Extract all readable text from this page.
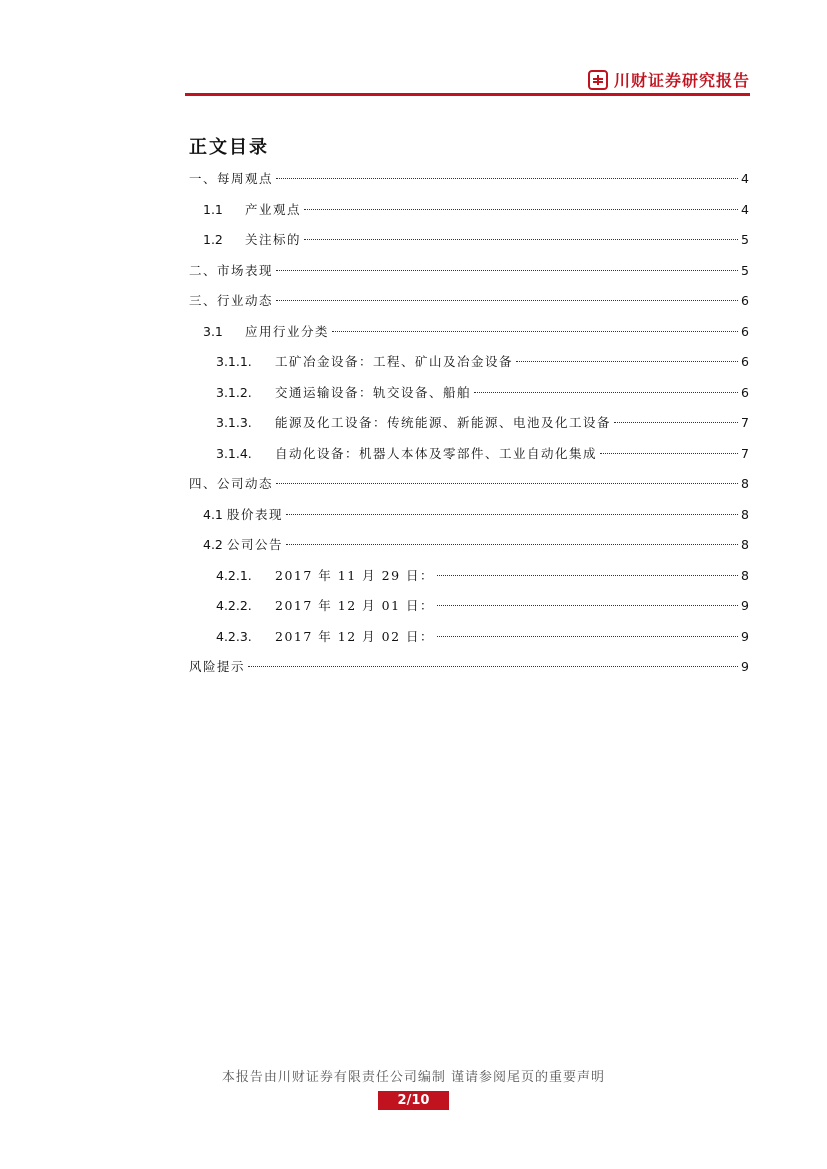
川财证券研究报告
正文目录
一、每周观点	4
1.1	产业观点	4
1.2	关注标的	5
二、市场表现	5
三、行业动态	6
3.1	应用行业分类	6
3.1.1.	工矿冶金设备：工程、矿山及冶金设备	6
3.1.2.	交通运输设备：轨交设备、船舶	6
3.1.3.	能源及化工设备：传统能源、新能源、电池及化工设备	7
3.1.4.	自动化设备：机器人本体及零部件、工业自动化集成	7
四、公司动态	8
4.1 股价表现	8
4.2 公司公告	8
4.2.1.	2017 年 11 月 29 日：	8
4.2.2.	2017 年 12 月 01 日：	9
4.2.3.	2017 年 12 月 02 日：	9
风险提示	9
本报告由川财证券有限责任公司编制 谨请参阅尾页的重要声明
2/10
